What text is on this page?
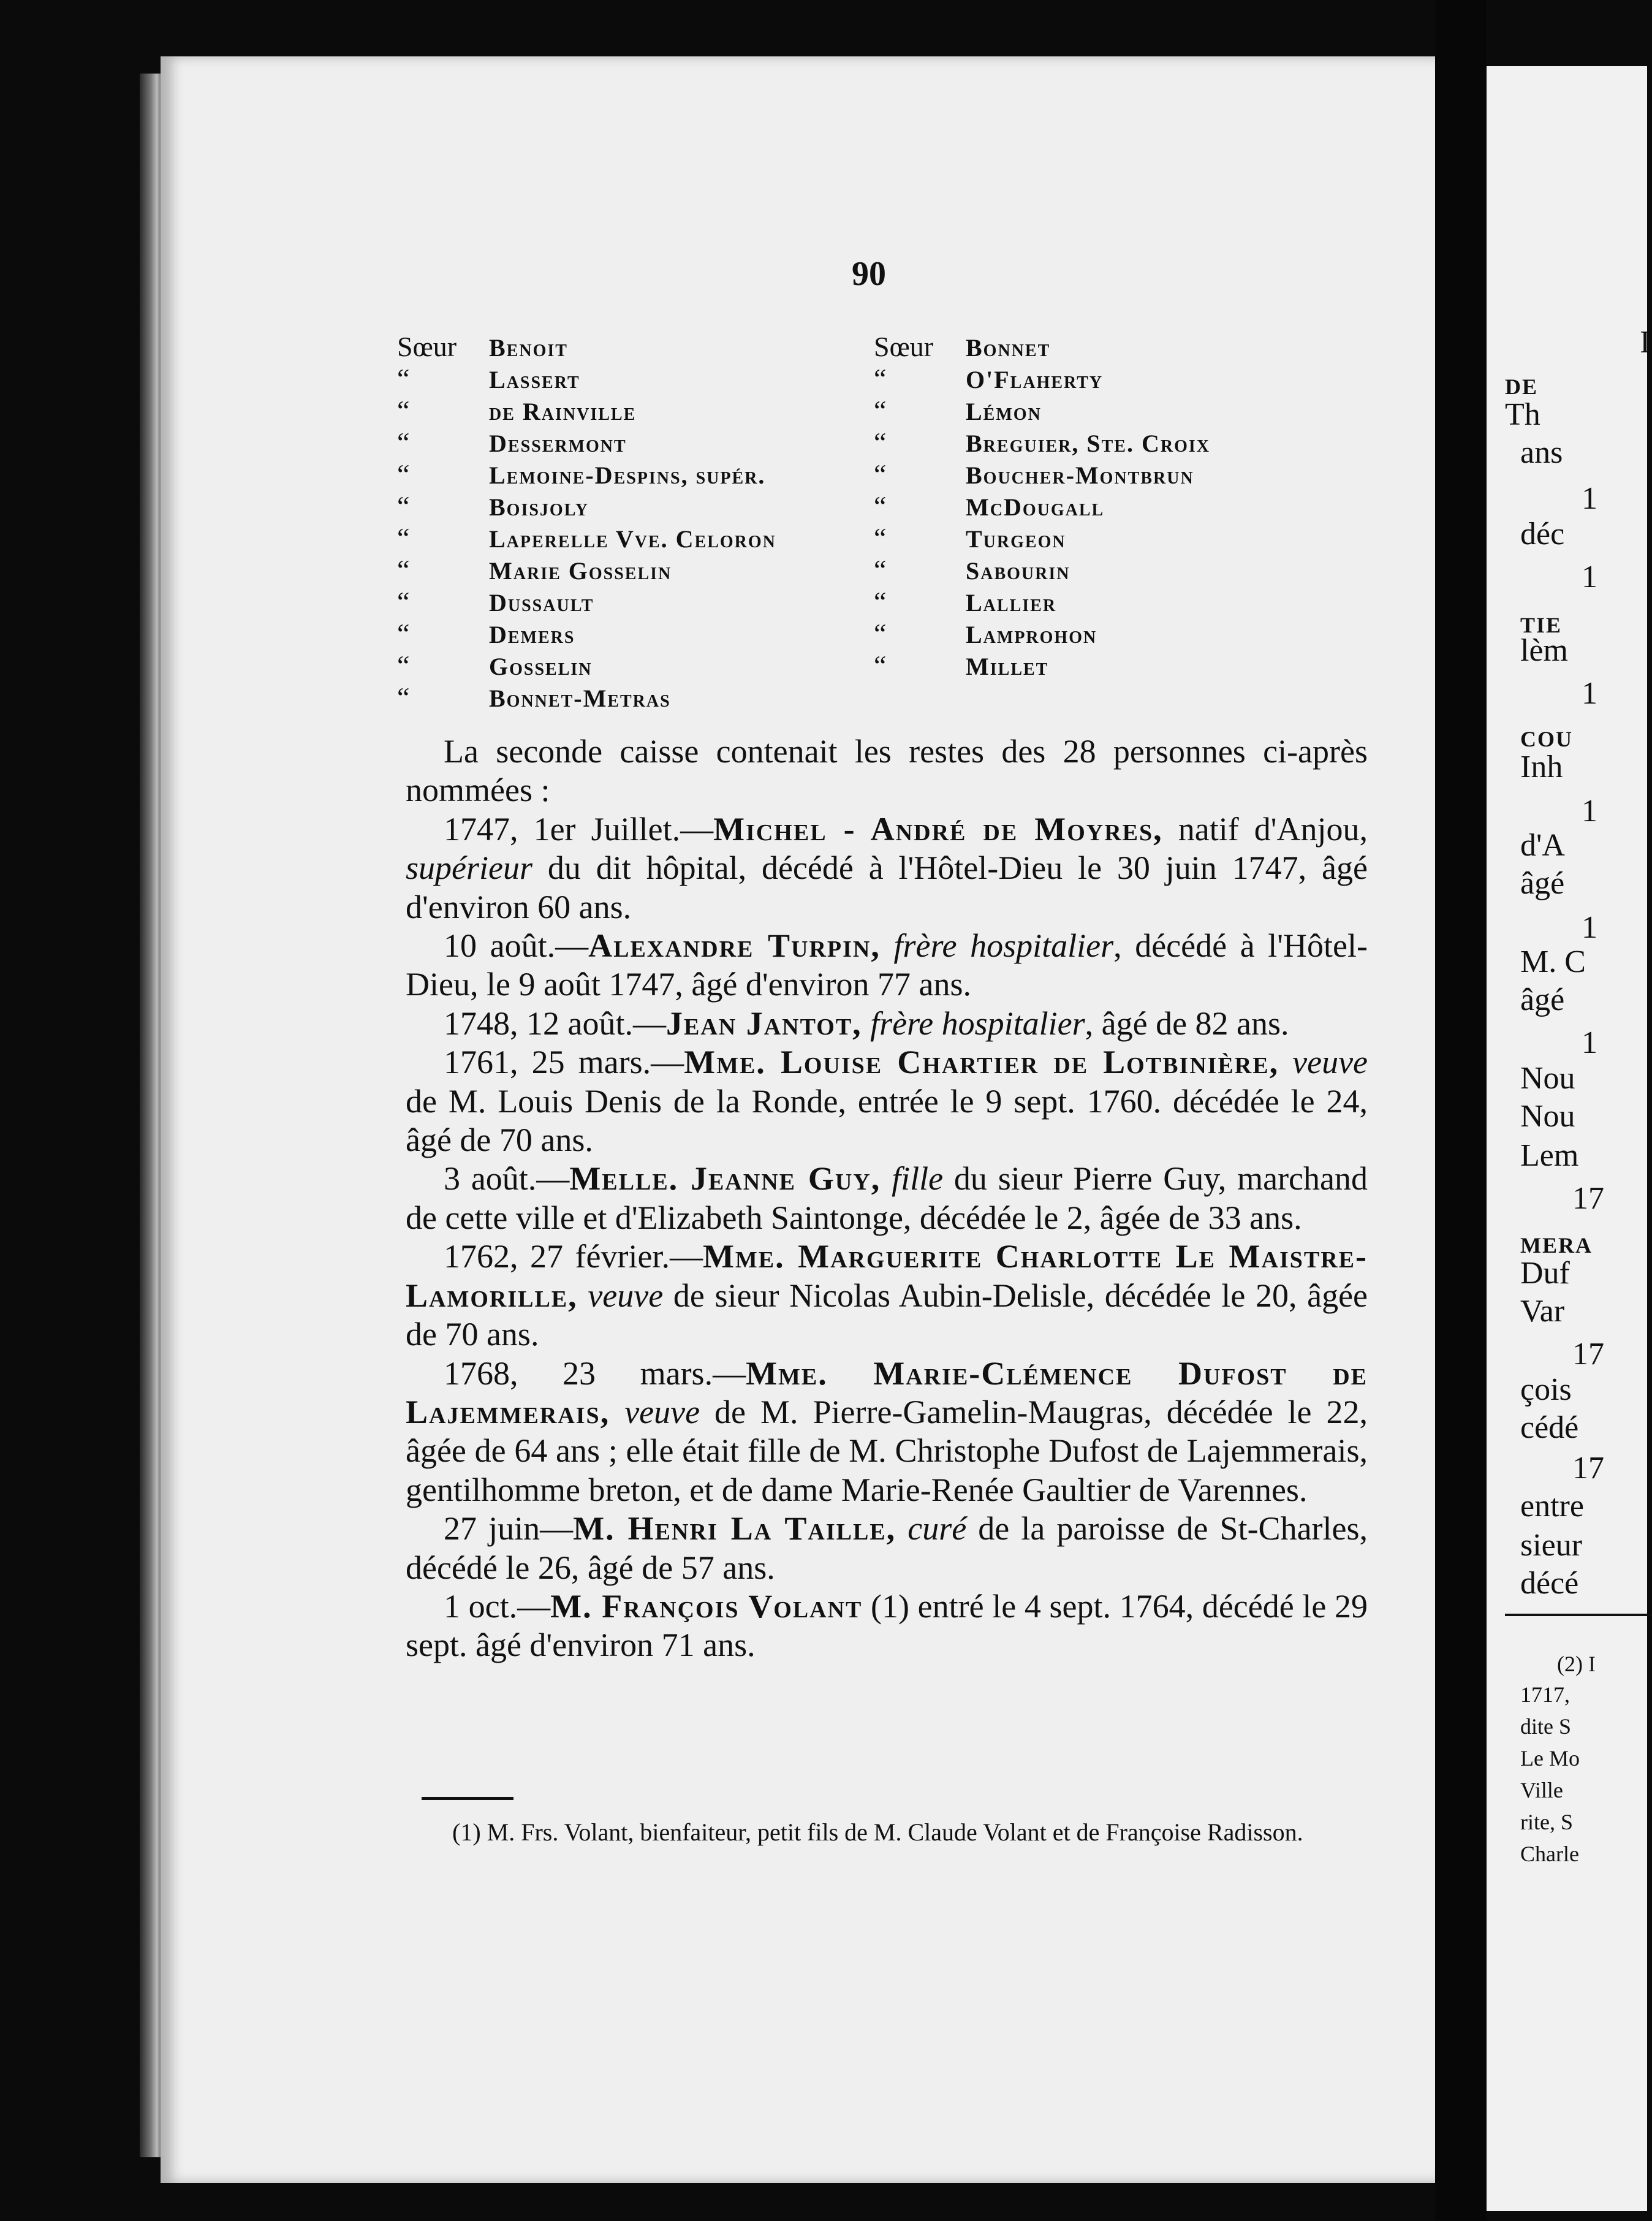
90
Sœur Benoit
“	Lassert
“	de Rainville
“	Dessermont
“	Lemoine-Despins, supér.
“	Boisjoly
“	Laperelle Vve. Celoron
“	Marie Gosselin
“	Dussault
“	Demers
“	Gosselin
“	Bonnet-Metras
Sœur Bonnet
“	O'Flaherty
“	Lémon
“	Breguier, Ste. Croix
“	Boucher-Montbrun
“	McDougall
“	Turgeon
“	Sabourin
“	Lallier
“	Lamprohon
“	Millet

La seconde caisse contenait les restes des 28 personnes ci-après nommées :

1747, 1er Juillet.—Michel - André de Moyres, natif d'Anjou, supérieur du dit hôpital, décédé à l'Hôtel-Dieu le 30 juin 1747, âgé d'environ 60 ans.

10 août.—Alexandre Turpin, frère hospitalier, décédé à l'Hôtel-Dieu, le 9 août 1747, âgé d'environ 77 ans.

1748, 12 août.—Jean Jantot, frère hospitalier, âgé de 82 ans.

1761, 25 mars.—Mme. Louise Chartier de Lotbinière, veuve de M. Louis Denis de la Ronde, entrée le 9 sept. 1760. décédée le 24, âgé de 70 ans.

3 août.—Melle. Jeanne Guy, fille du sieur Pierre Guy, marchand de cette ville et d'Elizabeth Saintonge, décédée le 2, âgée de 33 ans.

1762, 27 février.—Mme. Marguerite Charlotte Le Maistre-Lamorille, veuve de sieur Nicolas Aubin-Delisle, décédée le 20, âgée de 70 ans.

1768, 23 mars.—Mme. Marie-Clémence Dufost de Lajemmerais, veuve de M. Pierre-Gamelin-Maugras, décédée le 22, âgée de 64 ans ; elle était fille de M. Christophe Dufost de Lajemmerais, gentilhomme breton, et de dame Marie-Renée Gaultier de Varennes.

27 juin—M. Henri La Taille, curé de la paroisse de St-Charles, décédé le 26, âgé de 57 ans.

1 oct.—M. François Volant (1) entré le 4 sept. 1764, décédé le 29 sept. âgé d'environ 71 ans.

(1) M. Frs. Volant, bienfaiteur, petit fils de M. Claude Volant et de Françoise Radisson.
I
DE
Th
ans
1
déc
1
TIE
lèm
1
COU
Inh
1
d'A
âgé
1
M. C
âgé
1
Nou
Nou
Lem
17
MERA
Duf
Var
17
çois
cédé
17
entre
sieur
décé
(2) I
1717,
dite S
Le Mo
Ville
rite, S
Charle
